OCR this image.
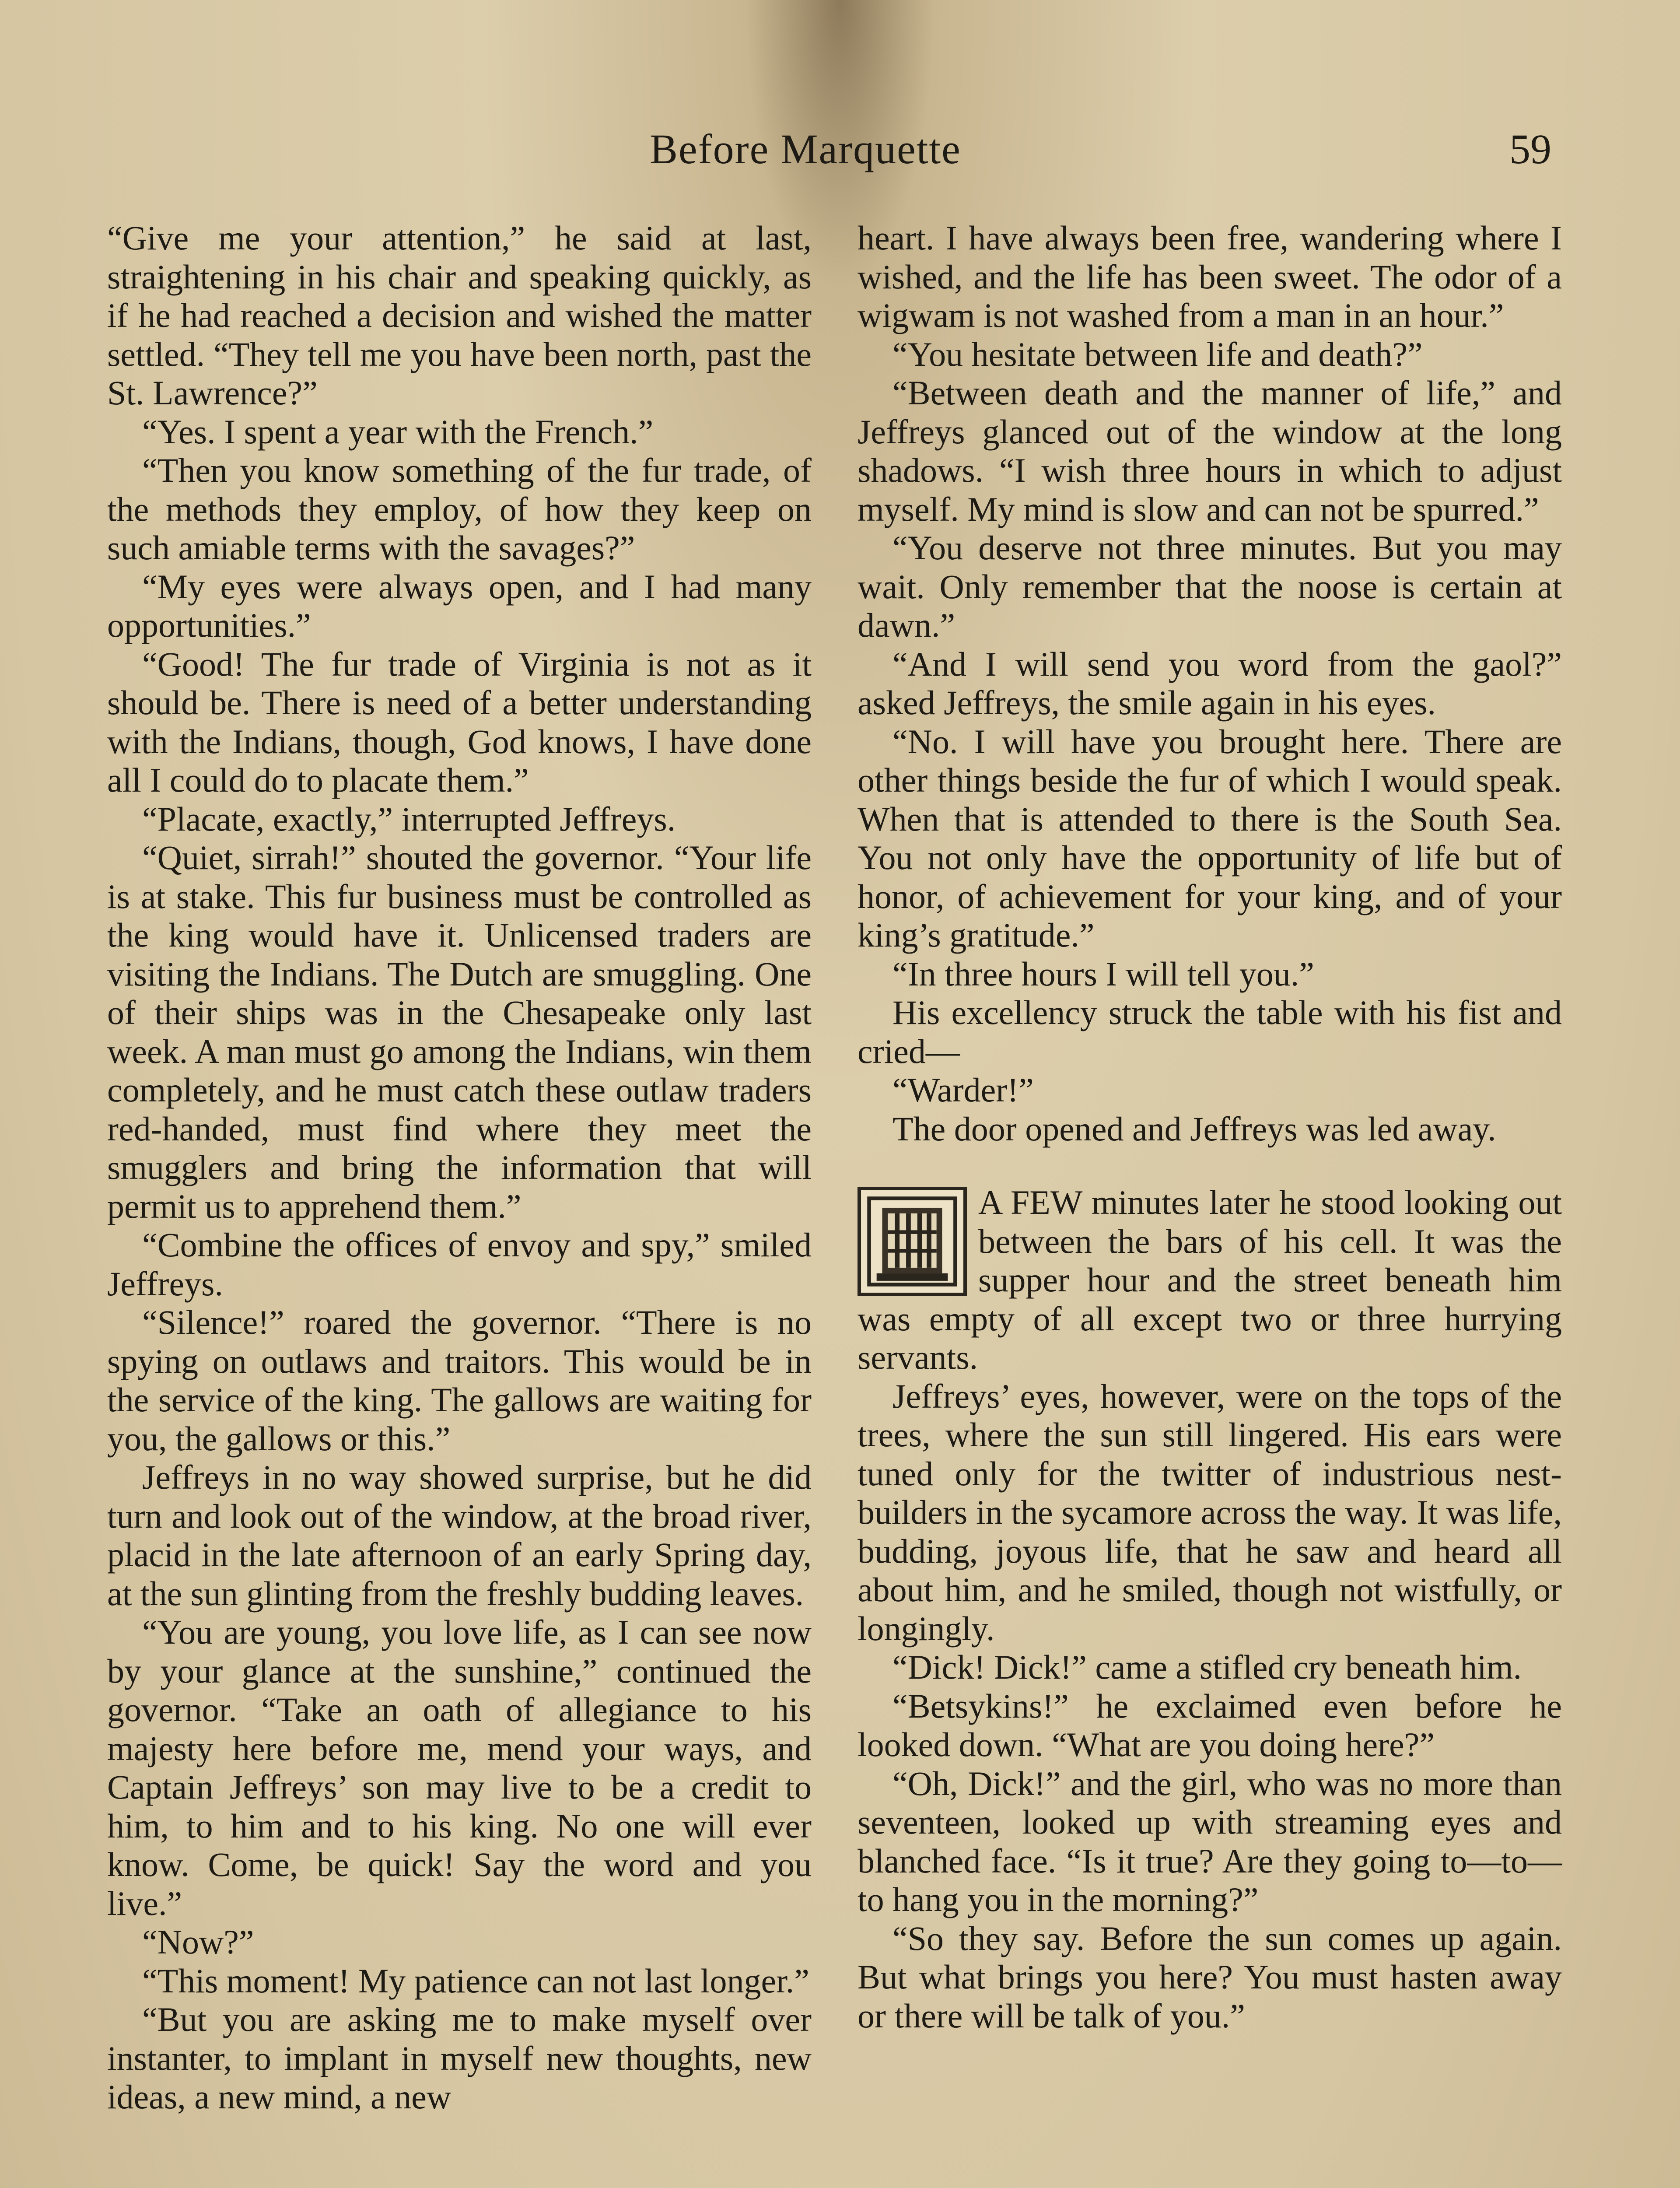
Before Marquette	59

“Give me your attention,” he said at last, straightening in his chair and speaking quickly, as if he had reached a decision and wished the matter settled. “They tell me you have been north, past the St. Lawrence?”

“Yes. I spent a year with the French.”

“Then you know something of the fur trade, of the methods they employ, of how they keep on such amiable terms with the savages?”

“My eyes were always open, and I had many opportunities.”

“Good! The fur trade of Virginia is not as it should be. There is need of a better understanding with the Indians, though, God knows, I have done all I could do to placate them.”

“Placate, exactly,” interrupted Jeffreys.

“Quiet, sirrah!” shouted the governor. “Your life is at stake. This fur business must be controlled as the king would have it. Unlicensed traders are visiting the Indians. The Dutch are smuggling. One of their ships was in the Chesapeake only last week. A man must go among the Indians, win them completely, and he must catch these outlaw traders red-handed, must find where they meet the smugglers and bring the information that will permit us to apprehend them.”

“Combine the offices of envoy and spy,” smiled Jeffreys.

“Silence!” roared the governor. “There is no spying on outlaws and traitors. This would be in the service of the king. The gallows are waiting for you, the gallows or this.”

Jeffreys in no way showed surprise, but he did turn and look out of the window, at the broad river, placid in the late afternoon of an early Spring day, at the sun glinting from the freshly budding leaves.

“You are young, you love life, as I can see now by your glance at the sunshine,” continued the governor. “Take an oath of allegiance to his majesty here before me, mend your ways, and Captain Jeffreys’ son may live to be a credit to him, to him and to his king. No one will ever know. Come, be quick! Say the word and you live.”

“Now?”

“This moment! My patience can not last longer.”

“But you are asking me to make myself over instanter, to implant in myself new thoughts, new ideas, a new mind, a new

heart. I have always been free, wandering where I wished, and the life has been sweet. The odor of a wigwam is not washed from a man in an hour.”

“You hesitate between life and death?”

“Between death and the manner of life,” and Jeffreys glanced out of the window at the long shadows. “I wish three hours in which to adjust myself. My mind is slow and can not be spurred.”

“You deserve not three minutes. But you may wait. Only remember that the noose is certain at dawn.”

“And I will send you word from the gaol?” asked Jeffreys, the smile again in his eyes.

“No. I will have you brought here. There are other things beside the fur of which I would speak. When that is attended to there is the South Sea. You not only have the opportunity of life but of honor, of achievement for your king, and of your king’s gratitude.”

“In three hours I will tell you.”

His excellency struck the table with his fist and cried—

“Warder!”

The door opened and Jeffreys was led away.

A FEW minutes later he stood looking out between the bars of his cell. It was the supper hour and the street beneath him was empty of all except two or three hurrying servants.

Jeffreys’ eyes, however, were on the tops of the trees, where the sun still lingered. His ears were tuned only for the twitter of industrious nest-builders in the sycamore across the way. It was life, budding, joyous life, that he saw and heard all about him, and he smiled, though not wistfully, or longingly.

“Dick! Dick!” came a stifled cry beneath him.

“Betsykins!” he exclaimed even before he looked down. “What are you doing here?”

“Oh, Dick!” and the girl, who was no more than seventeen, looked up with streaming eyes and blanched face. “Is it true? Are they going to—to—to hang you in the morning?”

“So they say. Before the sun comes up again. But what brings you here? You must hasten away or there will be talk of you.”
